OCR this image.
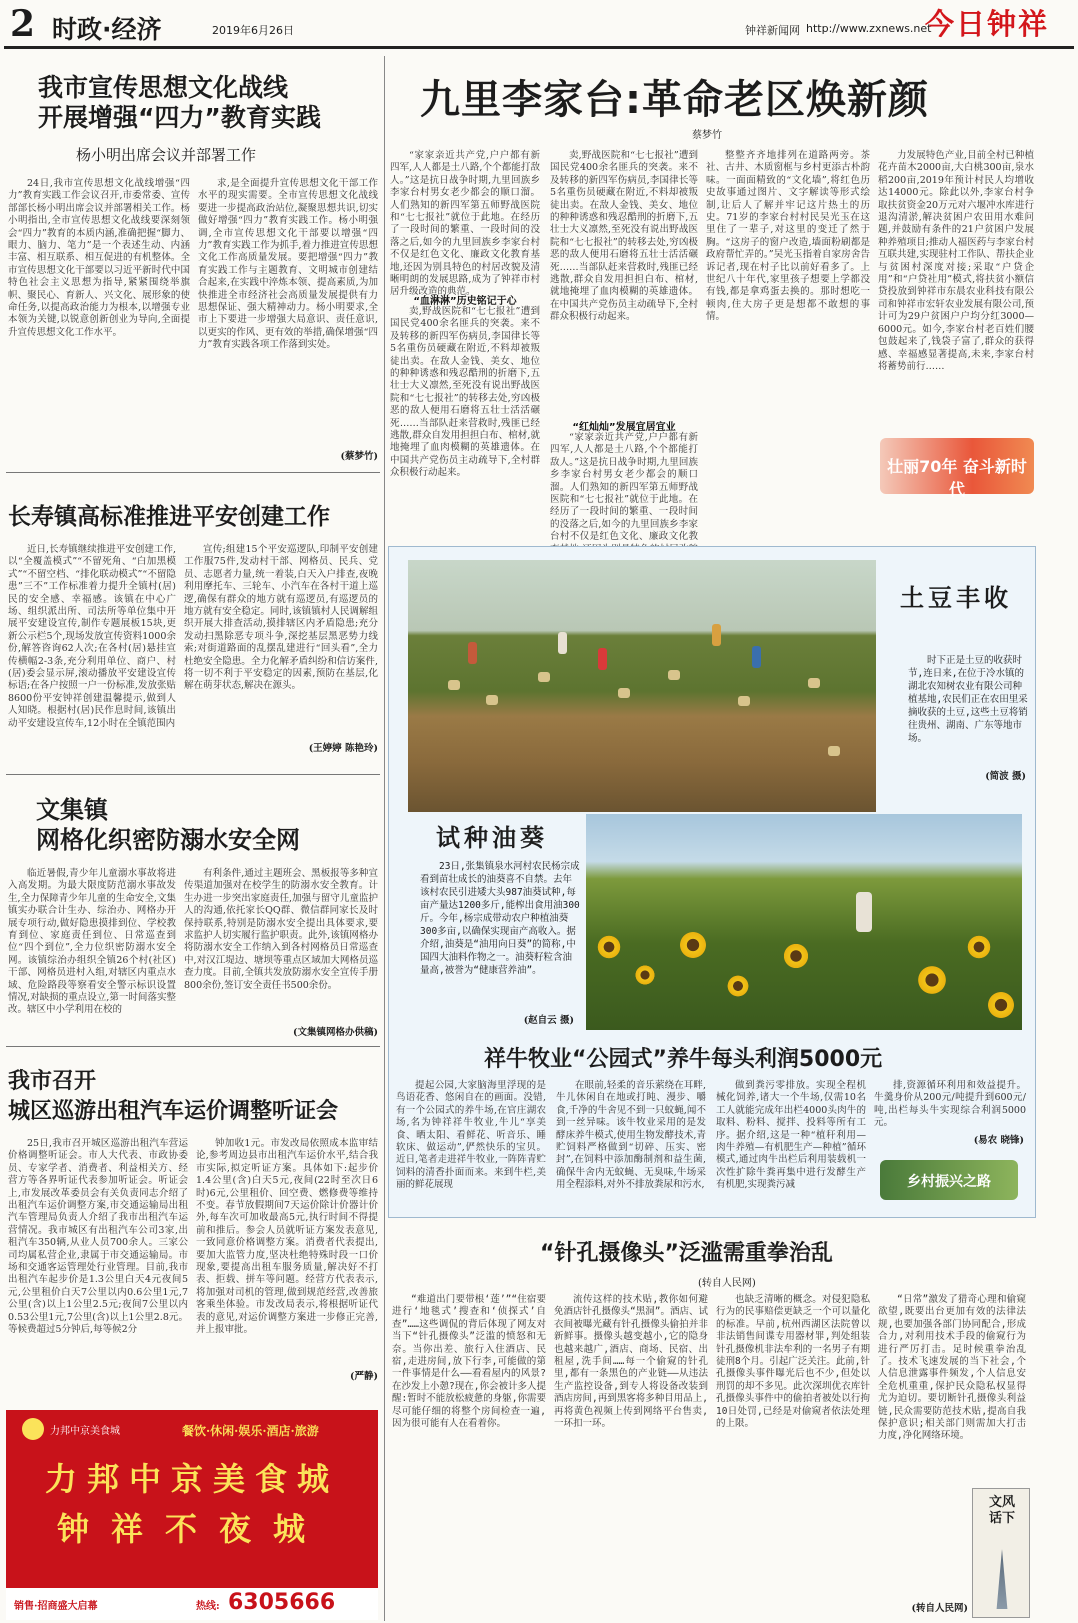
2 时政·经济	2019年6月26日	钟祥新闻网 http://www.zxnews.net
今日钟祥
我市宣传思想文化战线
开展增强“四力”教育实践
杨小明出席会议并部署工作
24日,我市宣传思想文化战线增强“四力”教育实践工作会议召开,市委常委、宣传部部长杨小明出席会议并部署相关工作。杨小明指出,全市宣传思想文化战线要深刻领会“四力”教育的本质内涵,准确把握“脚力、眼力、脑力、笔力”是一个表述生动、内涵丰富、相互联系、相互促进的有机整体。全市宣传思想文化干部要以习近平新时代中国特色社会主义思想为指导,紧紧围绕举旗帜、聚民心、育新人、兴文化、展形象的使命任务,以提高政治能力为根本,以增强专业本领为关键,以锐意创新创业为导向,全面提升宣传思想文化工作水平。
求,是全面提升宣传思想文化干部工作水平的现实需要。全市宣传思想文化战线要进一步提高政治站位,凝聚思想共识,切实做好增强“四力”教育实践工作。杨小明强调,全市宣传思想文化干部要以增强“四力”教育实践工作为抓手,着力推进宣传思想文化工作高质量发展。要把增强“四力”教育实践工作与主题教育、文明城市创建结合起来,在实践中淬炼本领、提高素质,为加快推进全市经济社会高质量发展提供有力思想保证、强大精神动力。杨小明要求,全市上下要进一步增强大局意识、责任意识,以更实的作风、更有效的举措,确保增强“四力”教育实践各项工作落到实处。
(蔡梦竹)
长寿镇高标准推进平安创建工作
近日,长寿镇继续推进平安创建工作,以“全覆盖模式”“不留死角、“白加黑模式”“不留空档、“排化联动模式”“不留隐患”三不”工作标准着力提升全镇村(居)民的安全感、幸福感。该镇在中心广场、组织派出所、司法所等单位集中开展平安建设宣传,制作专题展板15块,更新公示栏5个,现场发放宣传资料1000余份,解答咨询62人次;在各村(居)悬挂宣传横幅2-3条,充分利用单位、商户、村(居)委会显示屏,滚动播放平安建设宣传标语;在各户按照一户一份标准,发放张贴8600份平安钟祥创建温馨提示,做到人人知晓。根据村(居)民作息时间,该镇出动平安建设宣传车,12小时在全镇范围内
宣传;组建15个平安巡逻队,印制平安创建工作服75件,发动村干部、网格员、民兵、党员、志愿者力量,统一着装,白天入户排查,夜晚利用摩托车、三轮车、小汽车在各村干道上巡逻,确保有群众的地方就有巡逻员,有巡逻员的地方就有安全稳定。同时,该镇镇村人民调解组织开展大排查活动,摸排辖区内矛盾隐患;充分发动扫黑除恶专项斗争,深挖基层黑恶势力线索;对街道路面的乱摆乱建进行“回头看”,全力杜绝安全隐患。全力化解矛盾纠纷和信访案件,将一切不利于平安稳定的因素,预防在基层,化解在萌芽状态,解决在源头。
(王婷婷 陈艳玲)
文集镇
网格化织密防溺水安全网
临近暑假,青少年儿童溺水事故将进入高发期。为最大限度防范溺水事故发生,全力保障青少年儿童的生命安全,文集镇实办联合计生办、综治办、网格办开展专项行动,做好隐患摸排到位、学校教育到位、家庭责任到位、日常巡查到位“四个到位”,全力位织密防溺水安全网。该镇综治办组织全镇26个村(社区)干部、网格员进村入组,对辖区内重点水域、危险路段等察看安全警示标识设置情况,对缺损的重点设立,第一时间落实整改。辖区中小学利用在校的
有利条件,通过主题班会、黑板报等多种宣传渠道加强对在校学生的防溺水安全教育。计生办进一步突出家庭责任,加强与留守儿童监护人的沟通,依托家长QQ群、微信群同家长及时保持联系,特别是防溺水安全提出具体要求,要求监护人切实履行监护职责。此外,该镇网格办将防溺水安全工作纳入到各村网格员日常巡查中,对汉江堤边、塘坝等重点区域加大网格员巡查力度。目前,全镇共发放防溺水安全宣传手册800余份,签订安全责任书500余份。
(文集镇网格办供稿)
我市召开
城区巡游出租汽车运价调整听证会
25日,我市召开城区巡游出租汽车营运价格调整听证会。市人大代表、市政协委员、专家学者、消费者、利益相关方、经营方等各界听证代表参加听证会。听证会上,市发展改革委员会有关负责同志介绍了出租汽车运价调整方案,市交通运输局出租汽车管理局负责人介绍了我市出租汽车运营情况。我市城区有出租汽车公司3家,出租汽车350辆,从业人员700余人。三家公司均属私营企业,隶属于市交通运输局。市场和交通客运管理处行业管理。目前,我市出租汽车起步价是1.3公里白天4元夜间5元,公里租价白天7公里以内0.6公里1元,7公里(含)以上1公里2.5元;夜间7公里以内0.53公里1元,7公里(含)以上1公里2.8元。等候费超过5分钟后,每等候2分
钟加收1元。市发改局依照成本监审结论,参考周边县市出租汽车运价水平,结合我市实际,拟定听证方案。具体如下:起步价1.4公里(含)白天5元,夜间(22时至次日6时)6元,公里租价、回空费、燃修费等维持不变。春节放假期间7天运价除计价器计价外,每车次可加收最高5元,执行时间不得提前和推后。参会人员就听证方案发表意见,一致同意价格调整方案。消费者代表提出,要加大监管力度,坚决杜绝特殊时段一口价现象,要提高出租车服务质量,解决好不打表、拒载、拼车等问题。经营方代表表示,将加强对司机的管理,做到规范经营,改善旅客乘坐体验。市发改局表示,将根据听证代表的意见,对运价调整方案进一步修正完善,并上报审批。
(严静)
力邦中京美食城	餐饮·休闲·娱乐·酒店·旅游
力邦中京美食城
钟祥不夜城
销售·招商盛大启幕	热线: 6305666
九里李家台:革命老区焕新颜
蔡梦竹
“家家亲近共产党,户户都有新四军,人人都是土八路,个个都能打敌人。”这是抗日战争时期,九里回族乡李家台村男女老少都会的顺口溜。人们熟知的新四军第五师野战医院和“七七报社”就位于此地。在经历了一段时间的繁重、一段时间的没落之后,如今的九里回族乡李家台村不仅是红色文化、廉政文化教育基地,还因为别具特色的村居改貌及清晰明朗的发展思路,成为了钟祥市村居升级改造的典范。
“血淋淋”历史铭记于心
卖,野战医院和“七七报社”遭到国民党400余名匪兵的突袭。来不及转移的新四军伤病员,李国律长等5名重伤员硬藏在附近,不料却被叛徒出卖。在敌人金钱、美女、地位的种种诱惑和残忍酷刑的折磨下,五壮士大义凛然,至死没有说出野战医院和“七七报社”的转移去处,穷凶极恶的敌人便用石磨将五壮士活活碾死……当部队赶来营救时,残匪已经逃散,群众自发用担担白布、棺材,就地掩埋了血肉模糊的英雄遗体。在中国共产党伤员主动疏导下,全村群众积极行动起来。
卖,野战医院和“七七报社”遭到国民党400余名匪兵的突袭。来不及转移的新四军伤病员,李国律长等5名重伤员硬藏在附近,不料却被叛徒出卖。在敌人金钱、美女、地位的种种诱惑和残忍酷刑的折磨下,五壮士大义凛然,至死没有说出野战医院和“七七报社”的转移去处,穷凶极恶的敌人便用石磨将五壮士活活碾死……当部队赶来营救时,残匪已经逃散,群众自发用担担白布、棺材,就地掩埋了血肉模糊的英雄遗体。在中国共产党伤员主动疏导下,全村群众积极行动起来。
“红灿灿”发展宜居宜业
“家家亲近共产党,户户都有新四军,人人都是土八路,个个都能打敌人。”这是抗日战争时期,九里回族乡李家台村男女老少都会的顺口溜。人们熟知的新四军第五师野战医院和“七七报社”就位于此地。在经历了一段时间的繁重、一段时间的没落之后,如今的九里回族乡李家台村不仅是红色文化、廉政文化教
整整齐齐地排列在道路两旁。茶社、古井、木质窗框与乡村更添古朴韵味。一面面精致的“文化墙”,将红色历史故事通过图片、文字解读等形式绘制,让后人了解并牢记这片热土的历史。71岁的李家台村村民吴光玉在这里住了一辈子,对这里的变迁了然于胸。“这房子的窗户改造,墙面粉刷都是政府帮忙弄的。”吴光玉指着自家房舍告诉记者,现在村子比以前好看多了。上世纪八十年代,家里孩子想要上学都没有钱,都是拿鸡蛋去换的。那时想吃一顿肉,住大房子更是想都不敢想的事情。
力发展特色产业,目前全村已种植花卉苗木2000亩,大白桃300亩,泉水稻200亩,2019年预计村民人均增收达14000元。除此以外,李家台村争取扶贫资金20万元对六堰冲水库进行退沟清淤,解决贫困户农田用水难问题,并鼓励有条件的21户贫困户发展种养殖项目;推动人福医药与李家台村互联共建,实现驻村工作队、帮扶企业与贫困村深度对接;采取“户贷企用”和“户贷社用”模式,将扶贫小额信贷投放到钟祥市东晨农业科技有限公司和钟祥市宏轩农业发展有限公司,预计可为29户贫困户户均分红3000—6000元。如今,李家台村老百姓们腰包鼓起来了,钱袋子富了,群众的获得感、幸福感显著提高,未来,李家台村将蓄势前行……
壮丽70年 奋斗新时代
土豆丰收
时下正是土豆的收获时节,连日来,在位于冷水镇的湖北农知树农业有限公司种植基地,农民们正在农田里采摘收获的土豆,这些土豆将销往贵州、湖南、广东等地市场。
(简波 摄)
试种油葵
23日,张集镇泉水河村农民杨宗成看到苗壮成长的油葵喜不自禁。去年该村农民引进矮大头987油葵试种,每亩产量达1200多斤,能榨出食用油300斤。今年,杨宗成带动农户种植油葵300多亩,以确保实现亩产高收入。据介绍,油葵是“油用向日葵”的简称,中国四大油料作物之一。油葵籽粒含油量高,被誉为“健康营养油”。
(赵自云 摄)
祥牛牧业“公园式”养牛每头利润5000元
提起公园,大家脑海里浮现的是鸟语花香、悠闲自在的画面。没错,有一个公园式的养牛场,在官庄湖农场,名为钟祥祥牛牧业,牛儿“享美食、晒太阳、看鲜花、听音乐、睡软床、做运动”,俨然快乐的宝贝。近日,笔者走进祥牛牧业,一阵阵青贮饲料的清香扑面而来。来到牛栏,美丽的鲜花展现
在眼前,轻柔的音乐萦绕在耳畔,牛儿休闲自在地或打盹、漫步、嚼食,千净的牛舍见不到一只蚊蝇,闻不到一丝异味。该牛牧业采用的是发酵床养牛模式,使用生物发酵技术,青贮饲料严格做到“切碎、压实、密封”,在饲料中添加酶制剂和益生菌,确保牛舍内无蚊蝇、无臭味,牛场采用全程添料,对外不排放粪尿和污水,
做到粪污零排放。实现全程机械化饲养,诸大一个牛场,仅需10名工人就能完成年出栏4000头肉牛的取料、粉料、搅拌、投料等所有工序。据介绍,这是一种“植秆利用—肉牛养殖—有机肥生产—种植”循环模式,通过肉牛出栏后利用装载机一次性扩除牛粪再集中进行发酵生产有机肥,实现粪污减
排,资源循环利用和效益提升。牛羹身价从200元/吨提升到600元/吨,出栏每头牛实现综合利润5000元。
(易农 晓锋)
乡村振兴之路
“针孔摄像头”泛滥需重拳治乱
(转自人民网)
“难道出门要带根‘莲’”“住宿要进行‘地毯式’搜查和‘侦探式’自查”……这些调侃的背后体现了网友对当下“针孔摄像头”泛滥的愤怒和无奈。当你出差、旅行入住酒店、民宿,走进房间,放下行李,可能做的第一件事情是什么——看看屋内的风景?在沙发上小憩?现在,你会被计多人提醒:暂时不能放松疲惫的身躯,你需要尽可能仔细的将整个房间检查一遍,因为很可能有人在看着你。
流传这样的技术贴,教你如何避免酒店针孔摄像头“黑洞”。酒店、试衣间被曝光藏有针孔摄像头偷拍并非新鲜事。摄像头越变越小,它的隐身也越来越广,酒店、商场、民宿、出租屋,洗手间……每一个偷窥的针孔里,都有一条黑色的产业链——从违法生产监控设备,到专人将设备改装到酒店房间,再到黑客将多种目用品上,再将黄色视频上传到网络平台售卖,一环扣一环。
也缺乏清晰的概念。对侵犯隐私行为的民事赔偿更缺乏一个可以量化的标准。早前,杭州西湖区法院曾以非法销售间谍专用器材罪,判处组装针孔摄像机非法牟利的一名男子有期徒刑8个月。引起广泛关注。此前,针孔摄像头事件曝光后也不少,但处以刑罚的却不多见。此次深圳优衣库针孔摄像头事件中的偷拍者被处以行拘10日处罚,已经是对偷窥者依法处理的上限。
“日常”激发了猎奇心理和偷窥欲望,既要出台更加有效的法律法规,也要加强各部门协同配合,形成合力,对利用技术手段的偷窥行为进行严厉打击。足时候重拳治乱了。技术飞速发展的当下社会,个人信息泄露事件频发,个人信息安全危机重重,保护民众隐私权显得尤为迫切。要切断针孔摄像头利益链,民众需要防范技术贴,提高自我保护意识;相关部门则需加大打击力度,净化网络环境。
(转自人民网)
文风话下
